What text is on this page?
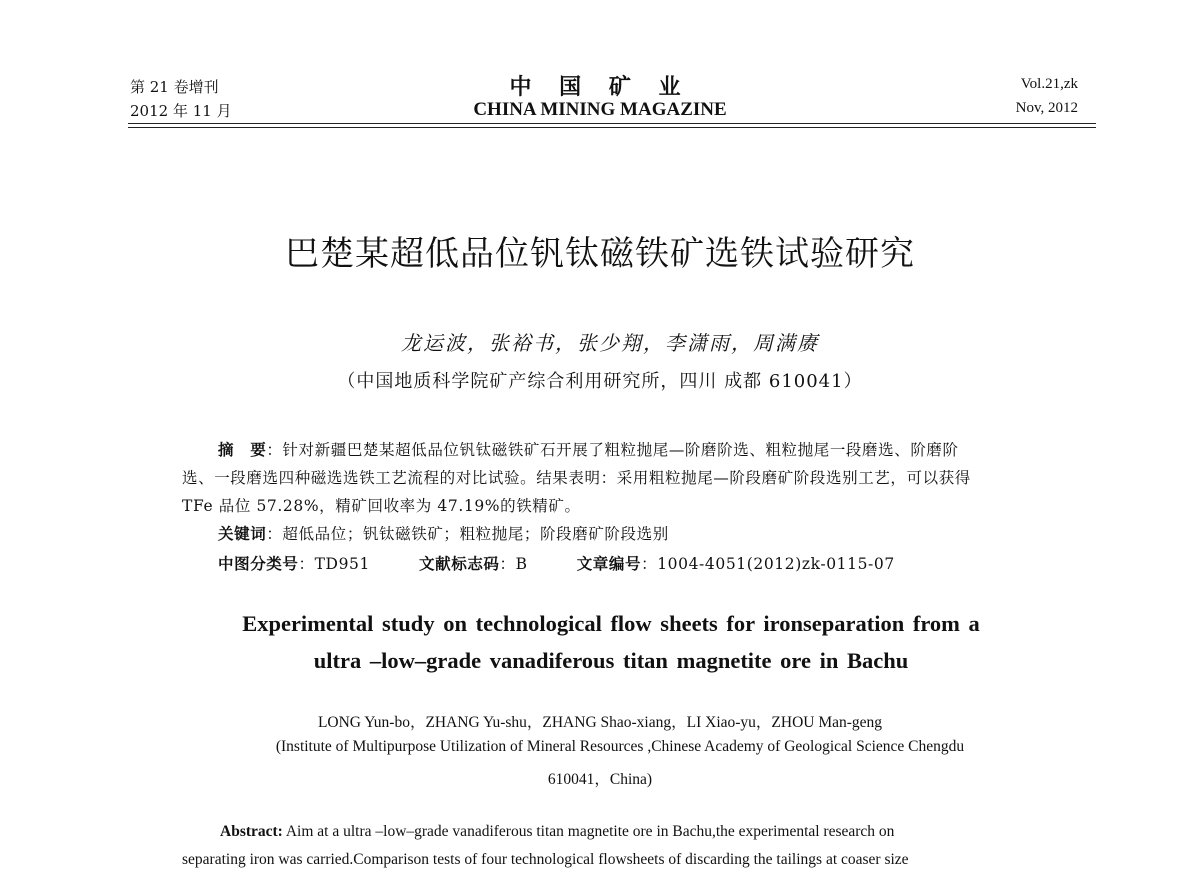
第 21 卷增刊
2012 年 11 月
中 国 矿 业
CHINA MINING MAGAZINE
Vol.21,zk
Nov, 2012
巴楚某超低品位钒钛磁铁矿选铁试验研究
龙运波，张裕书，张少翔，李潇雨，周满赓
（中国地质科学院矿产综合利用研究所，四川 成都 610041）
摘　要：针对新疆巴楚某超低品位钒钛磁铁矿石开展了粗粒抛尾—阶磨阶选、粗粒抛尾一段磨选、阶磨阶
选、一段磨选四种磁选选铁工艺流程的对比试验。结果表明：采用粗粒抛尾—阶段磨矿阶段选别工艺，可以获得
TFe 品位 57.28%，精矿回收率为 47.19%的铁精矿。
关键词：超低品位；钒钛磁铁矿；粗粒抛尾；阶段磨矿阶段选别
中图分类号：TD951	文献标志码：B	文章编号：1004-4051(2012)zk-0115-07
Experimental study on technological flow sheets for ironseparation from a
ultra –low–grade vanadiferous titan magnetite ore in Bachu
LONG Yun-bo，ZHANG Yu-shu，ZHANG Shao-xiang，LI Xiao-yu，ZHOU Man-geng
(Institute of Multipurpose Utilization of Mineral Resources ,Chinese Academy of Geological Science Chengdu
610041，China)
Abstract: Aim at a ultra –low–grade vanadiferous titan magnetite ore in Bachu,the experimental research on
separating iron was carried.Comparison tests of four technological flowsheets of discarding the tailings at coaser size
